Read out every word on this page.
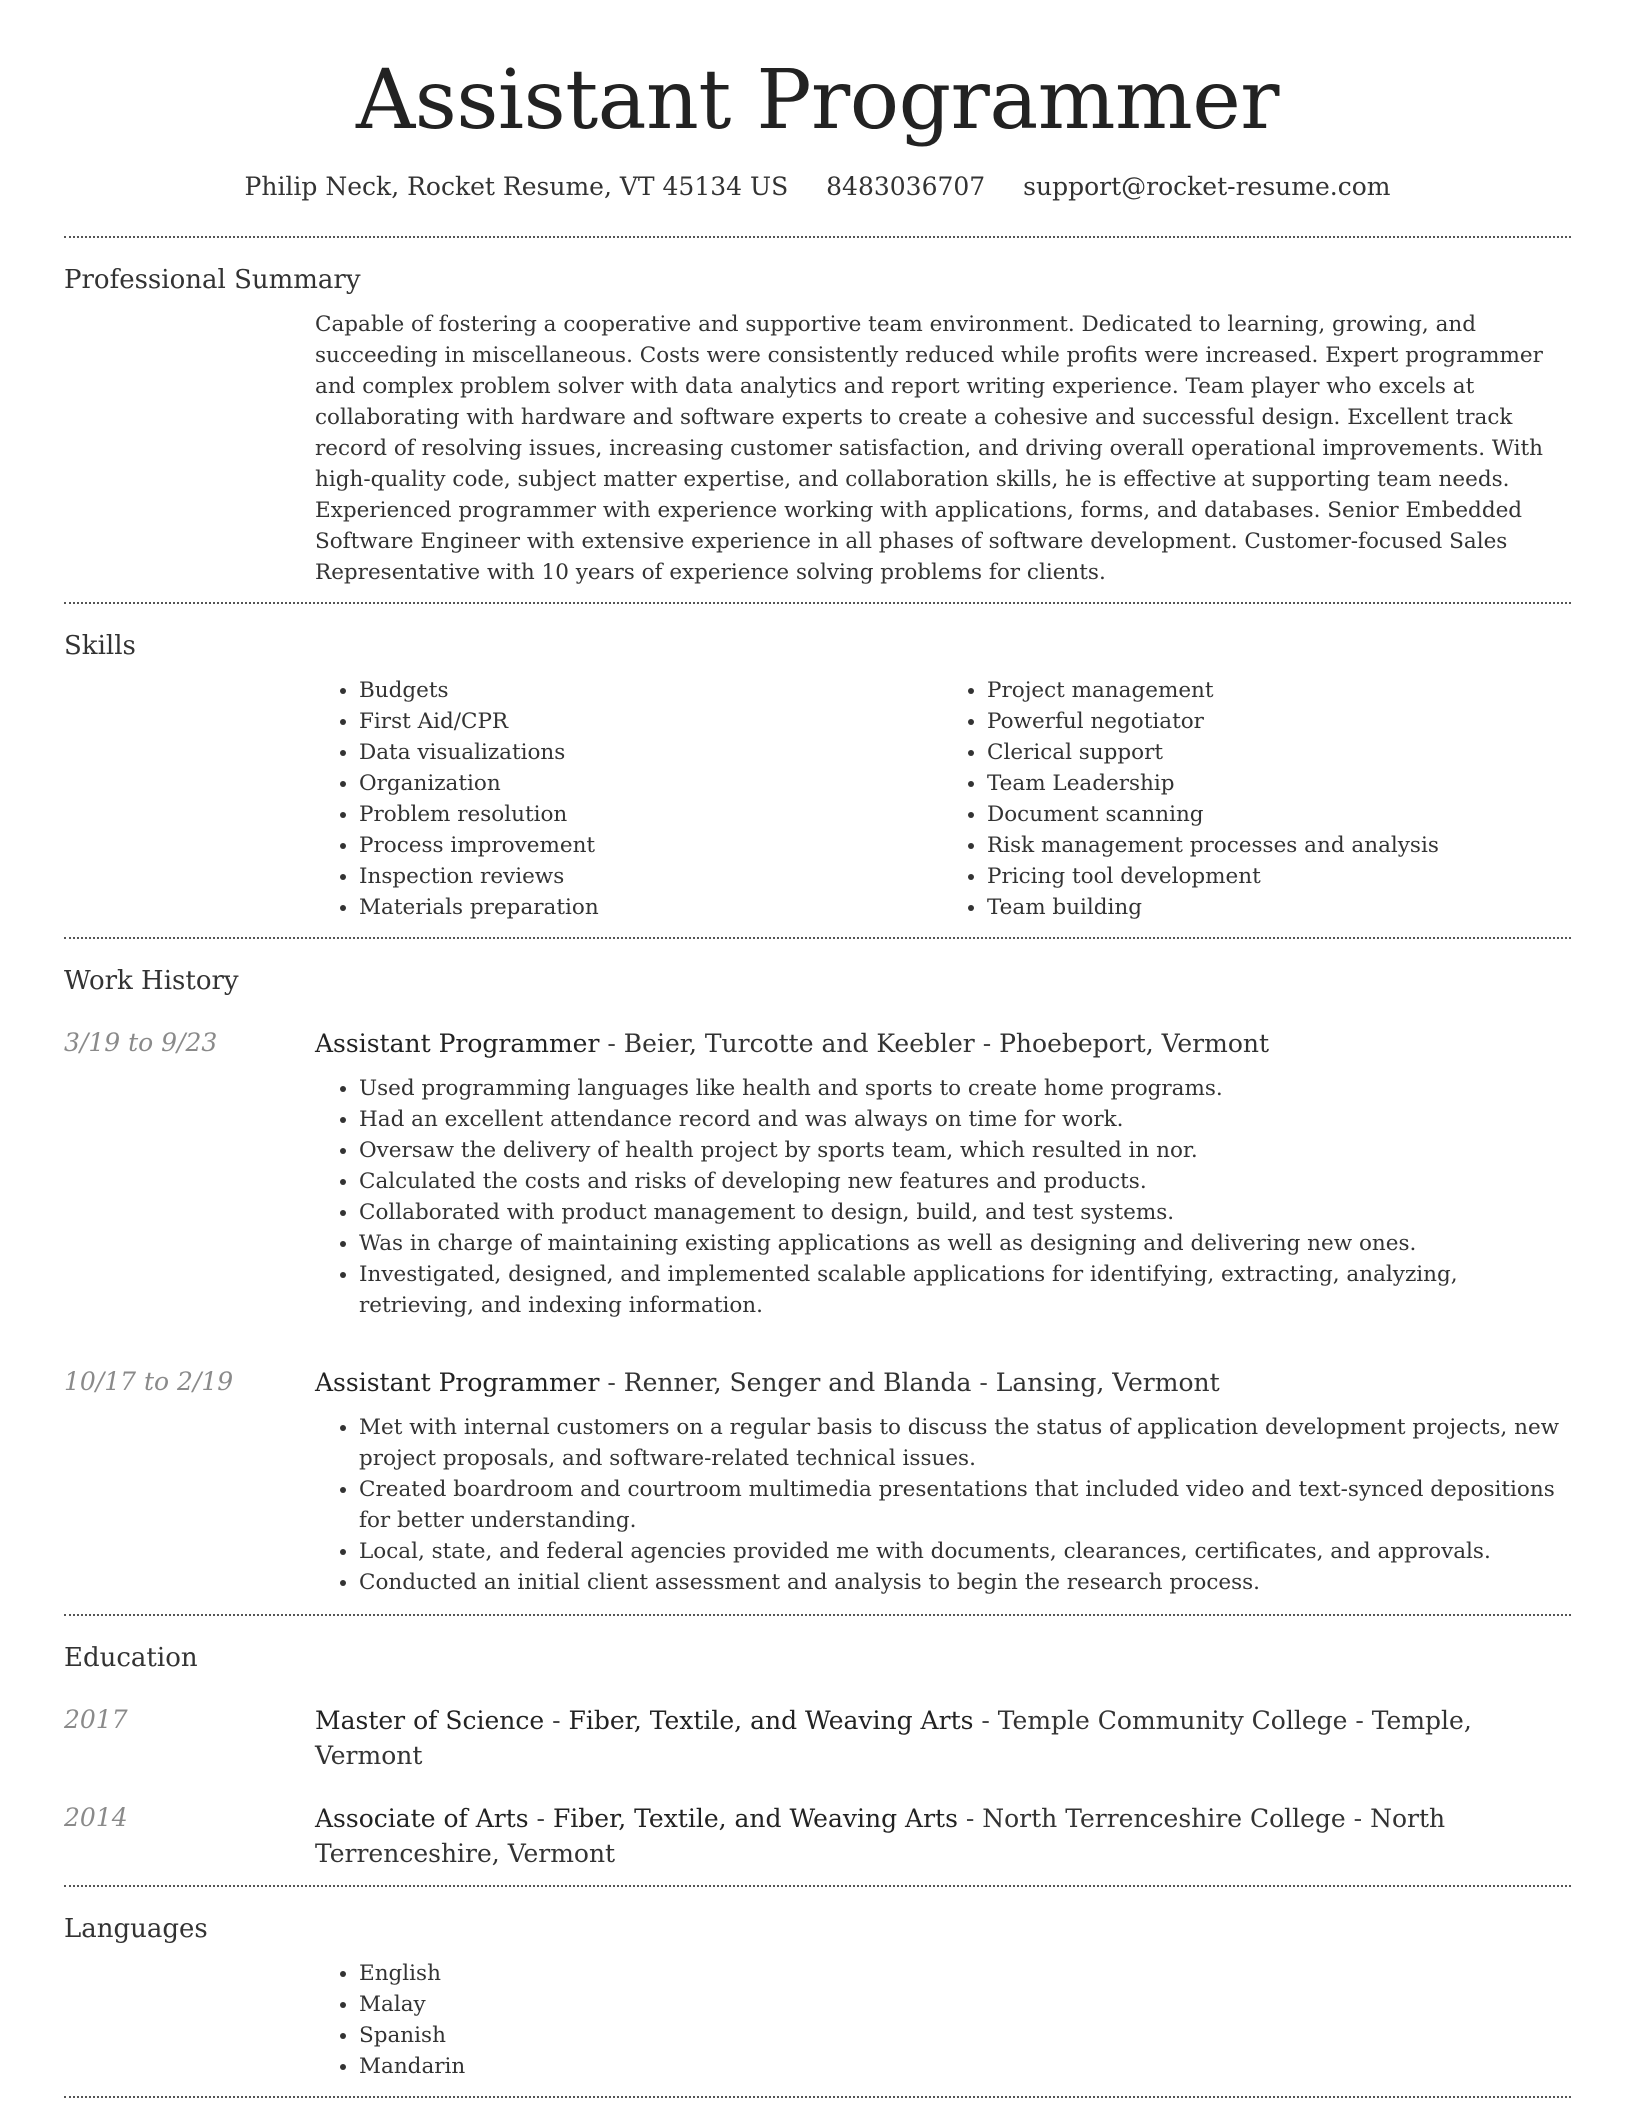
Assistant Programmer
Philip Neck, Rocket Resume, VT 45134 US 8483036707 support@rocket-resume.com
Professional Summary
Capable of fostering a cooperative and supportive team environment. Dedicated to learning, growing, and succeeding in miscellaneous. Costs were consistently reduced while profits were increased. Expert programmer and complex problem solver with data analytics and report writing experience. Team player who excels at collaborating with hardware and software experts to create a cohesive and successful design. Excellent track record of resolving issues, increasing customer satisfaction, and driving overall operational improvements. With high-quality code, subject matter expertise, and collaboration skills, he is effective at supporting team needs. Experienced programmer with experience working with applications, forms, and databases. Senior Embedded Software Engineer with extensive experience in all phases of software development. Customer-focused Sales Representative with 10 years of experience solving problems for clients.
Skills
• Budgets
• First Aid/CPR
• Data visualizations
• Organization
• Problem resolution
• Process improvement
• Inspection reviews
• Materials preparation
• Project management
• Powerful negotiator
• Clerical support
• Team Leadership
• Document scanning
• Risk management processes and analysis
• Pricing tool development
• Team building
Work History
3/19 to 9/23	Assistant Programmer - Beier, Turcotte and Keebler - Phoebeport, Vermont
• Used programming languages like health and sports to create home programs.
• Had an excellent attendance record and was always on time for work.
• Oversaw the delivery of health project by sports team, which resulted in nor.
• Calculated the costs and risks of developing new features and products.
• Collaborated with product management to design, build, and test systems.
• Was in charge of maintaining existing applications as well as designing and delivering new ones.
• Investigated, designed, and implemented scalable applications for identifying, extracting, analyzing, retrieving, and indexing information.
10/17 to 2/19	Assistant Programmer - Renner, Senger and Blanda - Lansing, Vermont
• Met with internal customers on a regular basis to discuss the status of application development projects, new project proposals, and software-related technical issues.
• Created boardroom and courtroom multimedia presentations that included video and text-synced depositions for better understanding.
• Local, state, and federal agencies provided me with documents, clearances, certificates, and approvals.
• Conducted an initial client assessment and analysis to begin the research process.
Education
2017	Master of Science - Fiber, Textile, and Weaving Arts - Temple Community College - Temple, Vermont
2014	Associate of Arts - Fiber, Textile, and Weaving Arts - North Terrenceshire College - North Terrenceshire, Vermont
Languages
• English
• Malay
• Spanish
• Mandarin
